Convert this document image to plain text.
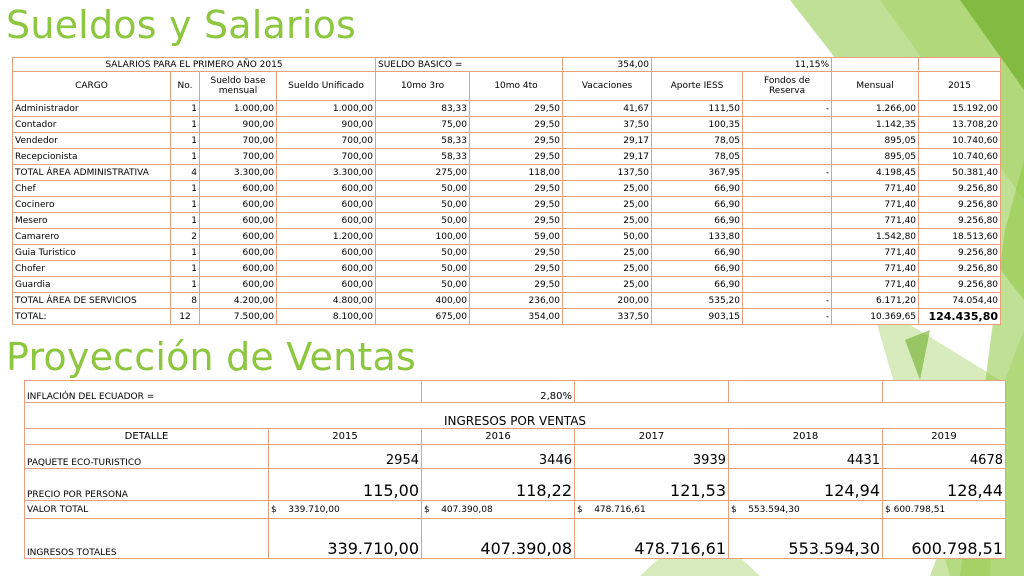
Sueldos y Salarios
SALARIOS PARA EL PRIMERO AÑO 2015				SUELDO BASICO =		354,00	11,15%			
CARGO	No.	Sueldo base mensual	Sueldo Unificado	10mo 3ro	10mo 4to	Vacaciones	Aporte IESS	Fondos de Reserva	Mensual	2015
Administrador	1	1.000,00	1.000,00	83,33	29,50	41,67	111,50	-	1.266,00	15.192,00
Contador	1	900,00	900,00	75,00	29,50	37,50	100,35		1.142,35	13.708,20
Vendedor	1	700,00	700,00	58,33	29,50	29,17	78,05		895,05	10.740,60
Recepcionista	1	700,00	700,00	58,33	29,50	29,17	78,05		895,05	10.740,60
TOTAL ÁREA ADMINISTRATIVA	4	3.300,00	3.300,00	275,00	118,00	137,50	367,95	-	4.198,45	50.381,40
Chef	1	600,00	600,00	50,00	29,50	25,00	66,90		771,40	9.256,80
Cocinero	1	600,00	600,00	50,00	29,50	25,00	66,90		771,40	9.256,80
Mesero	1	600,00	600,00	50,00	29,50	25,00	66,90		771,40	9.256,80
Camarero	2	600,00	1.200,00	100,00	59,00	50,00	133,80		1.542,80	18.513,60
Guia Turistico	1	600,00	600,00	50,00	29,50	25,00	66,90		771,40	9.256,80
Chofer	1	600,00	600,00	50,00	29,50	25,00	66,90		771,40	9.256,80
Guardia	1	600,00	600,00	50,00	29,50	25,00	66,90		771,40	9.256,80
TOTAL ÁREA DE SERVICIOS	8	4.200,00	4.800,00	400,00	236,00	200,00	535,20	-	6.171,20	74.054,40
TOTAL:	12	7.500,00	8.100,00	675,00	354,00	337,50	903,15	-	10.369,65	124.435,80
Proyección de Ventas
INFLACIÓN DEL ECUADOR =		2,80%			
INGRESOS POR VENTAS					
DETALLE	2015	2016	2017	2018	2019
PAQUETE ECO-TURISTICO	2954	3446	3939	4431	4678
PRECIO POR PERSONA	115,00	118,22	121,53	124,94	128,44
VALOR TOTAL	$ 339.710,00	$ 407.390,08	$ 478.716,61	$ 553.594,30	$ 600.798,51
INGRESOS TOTALES	339.710,00	407.390,08	478.716,61	553.594,30	600.798,51
